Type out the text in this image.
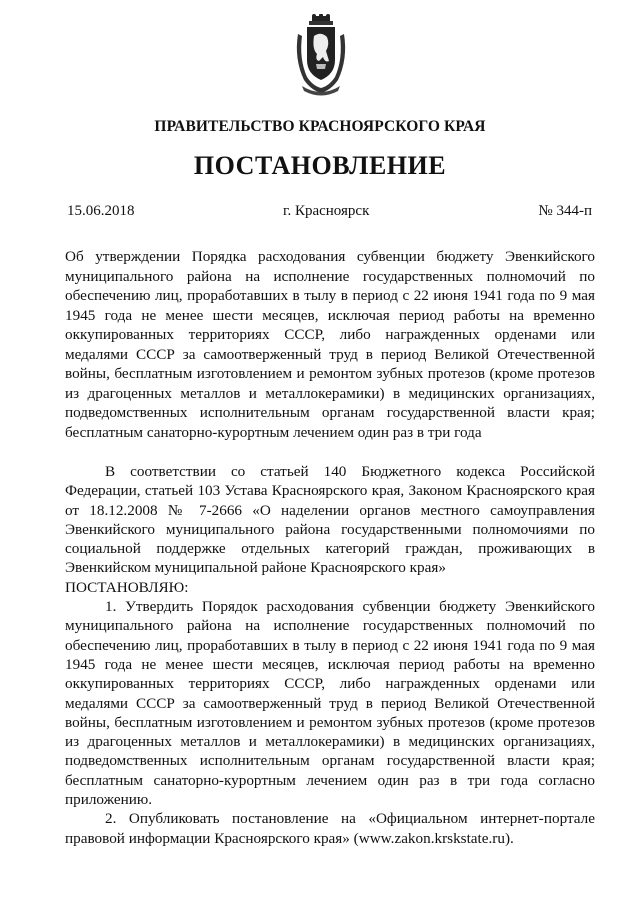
ПРАВИТЕЛЬСТВО КРАСНОЯРСКОГО КРАЯ
ПОСТАНОВЛЕНИЕ
15.06.2018	г. Красноярск	№ 344-п

Об утверждении Порядка расходования субвенции бюджету Эвенкийского муниципального района на исполнение государственных полномочий по обеспечению лиц, проработавших в тылу в период с 22 июня 1941 года по 9 мая 1945 года не менее шести месяцев, исключая период работы на временно оккупированных территориях СССР, либо награжденных орденами или медалями СССР за самоотверженный труд в период Великой Отечественной войны, бесплатным изготовлением и ремонтом зубных протезов (кроме протезов из драгоценных металлов и металлокерамики) в медицинских организациях, подведомственных исполнительным органам государственной власти края; бесплатным санаторно-курортным лечением один раз в три года

В соответствии со статьей 140 Бюджетного кодекса Российской Федерации, статьей 103 Устава Красноярского края, Законом Красноярского края от 18.12.2008 № 7-2666 «О наделении органов местного самоуправления Эвенкийского муниципального района государственными полномочиями по социальной поддержке отдельных категорий граждан, проживающих в Эвенкийском муниципальной районе Красноярского края»

ПОСТАНОВЛЯЮ:

1. Утвердить Порядок расходования субвенции бюджету Эвенкийского муниципального района на исполнение государственных полномочий по обеспечению лиц, проработавших в тылу в период с 22 июня 1941 года по 9 мая 1945 года не менее шести месяцев, исключая период работы на временно оккупированных территориях СССР, либо награжденных орденами или медалями СССР за самоотверженный труд в период Великой Отечественной войны, бесплатным изготовлением и ремонтом зубных протезов (кроме протезов из драгоценных металлов и металлокерамики) в медицинских организациях, подведомственных исполнительным органам государственной власти края; бесплатным санаторно-курортным лечением один раз в три года согласно приложению.

2. Опубликовать постановление на «Официальном интернет-портале правовой информации Красноярского края» (www.zakon.krskstate.ru).
